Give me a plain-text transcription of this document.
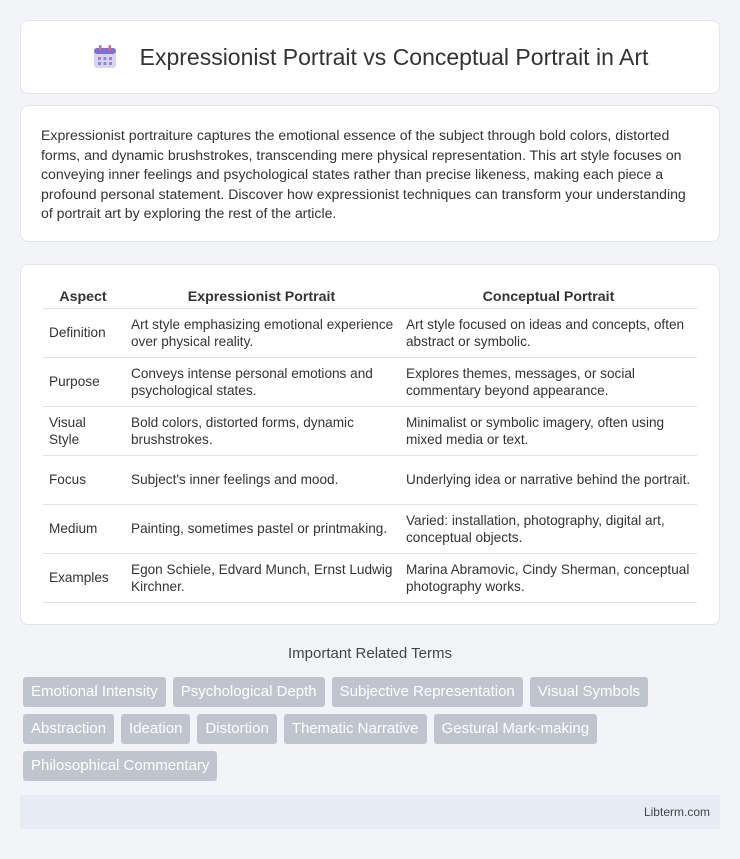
Expressionist Portrait vs Conceptual Portrait in Art

Expressionist portraiture captures the emotional essence of the subject through bold colors, distorted forms, and dynamic brushstrokes, transcending mere physical representation. This art style focuses on conveying inner feelings and psychological states rather than precise likeness, making each piece a profound personal statement. Discover how expressionist techniques can transform your understanding of portrait art by exploring the rest of the article.

Aspect	Expressionist Portrait	Conceptual Portrait
Definition	Art style emphasizing emotional experience over physical reality.	Art style focused on ideas and concepts, often abstract or symbolic.
Purpose	Conveys intense personal emotions and psychological states.	Explores themes, messages, or social commentary beyond appearance.
Visual Style	Bold colors, distorted forms, dynamic brushstrokes.	Minimalist or symbolic imagery, often using mixed media or text.
Focus	Subject's inner feelings and mood.	Underlying idea or narrative behind the portrait.
Medium	Painting, sometimes pastel or printmaking.	Varied: installation, photography, digital art, conceptual objects.
Examples	Egon Schiele, Edvard Munch, Ernst Ludwig Kirchner.	Marina Abramovic, Cindy Sherman, conceptual photography works.
Important Related Terms
Emotional Intensity	Psychological Depth	Subjective Representation	Visual Symbols
Abstraction	Ideation	Distortion	Thematic Narrative	Gestural Mark-making
Philosophical Commentary
Libterm.com
